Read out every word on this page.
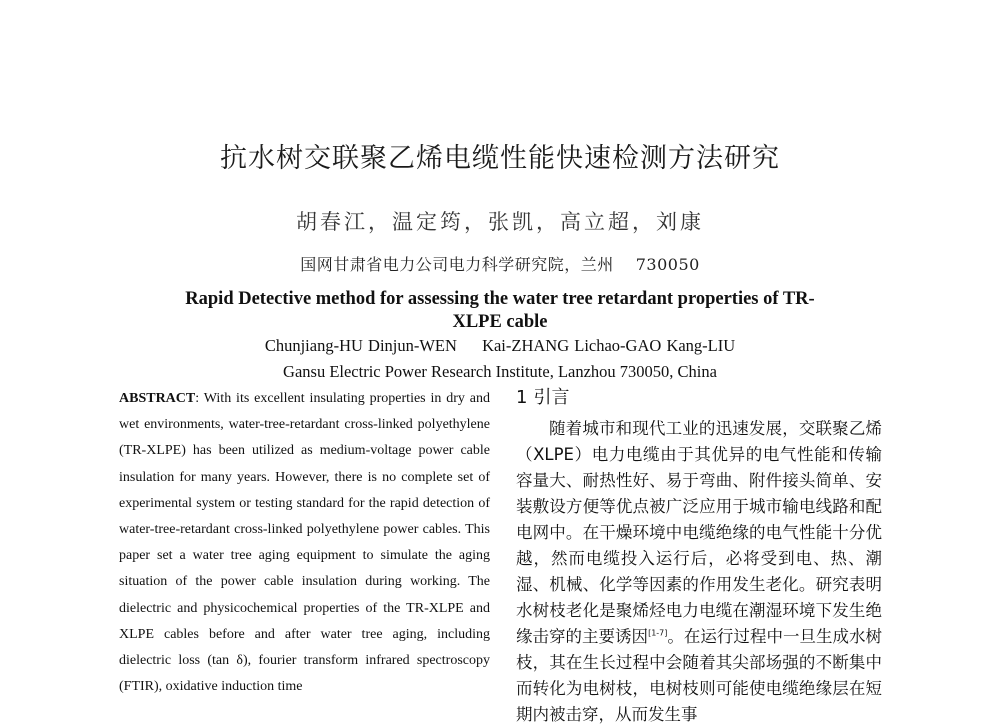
抗水树交联聚乙烯电缆性能快速检测方法研究
胡春江，温定筠，张凯，高立超，刘康
国网甘肃省电力公司电力科学研究院，兰州 730050
Rapid Detective method for assessing the water tree retardant properties of TR-XLPE cable
Chunjiang-HU Dinjun-WEN Kai-ZHANG Lichao-GAO Kang-LIU
Gansu Electric Power Research Institute, Lanzhou 730050, China
ABSTRACT: With its excellent insulating properties in dry and wet environments, water-tree-retardant cross-linked polyethylene (TR-XLPE) has been utilized as medium-voltage power cable insulation for many years. However, there is no complete set of experimental system or testing standard for the rapid detection of water-tree-retardant cross-linked polyethylene power cables. This paper set a water tree aging equipment to simulate the aging situation of the power cable insulation during working. The dielectric and physicochemical properties of the TR-XLPE and XLPE cables before and after water tree aging, including dielectric loss (tan δ), fourier transform infrared spectroscopy (FTIR), oxidative induction time
1 引言

随着城市和现代工业的迅速发展，交联聚乙烯（XLPE）电力电缆由于其优异的电气性能和传输容量大、耐热性好、易于弯曲、附件接头简单、安装敷设方便等优点被广泛应用于城市输电线路和配电网中。在干燥环境中电缆绝缘的电气性能十分优越，然而电缆投入运行后，必将受到电、热、潮湿、机械、化学等因素的作用发生老化。研究表明水树枝老化是聚烯烃电力电缆在潮湿环境下发生绝缘击穿的主要诱因[1-7]。在运行过程中一旦生成水树枝，其在生长过程中会随着其尖部场强的不断集中而转化为电树枝，电树枝则可能使电缆绝缘层在短期内被击穿，从而发生事
